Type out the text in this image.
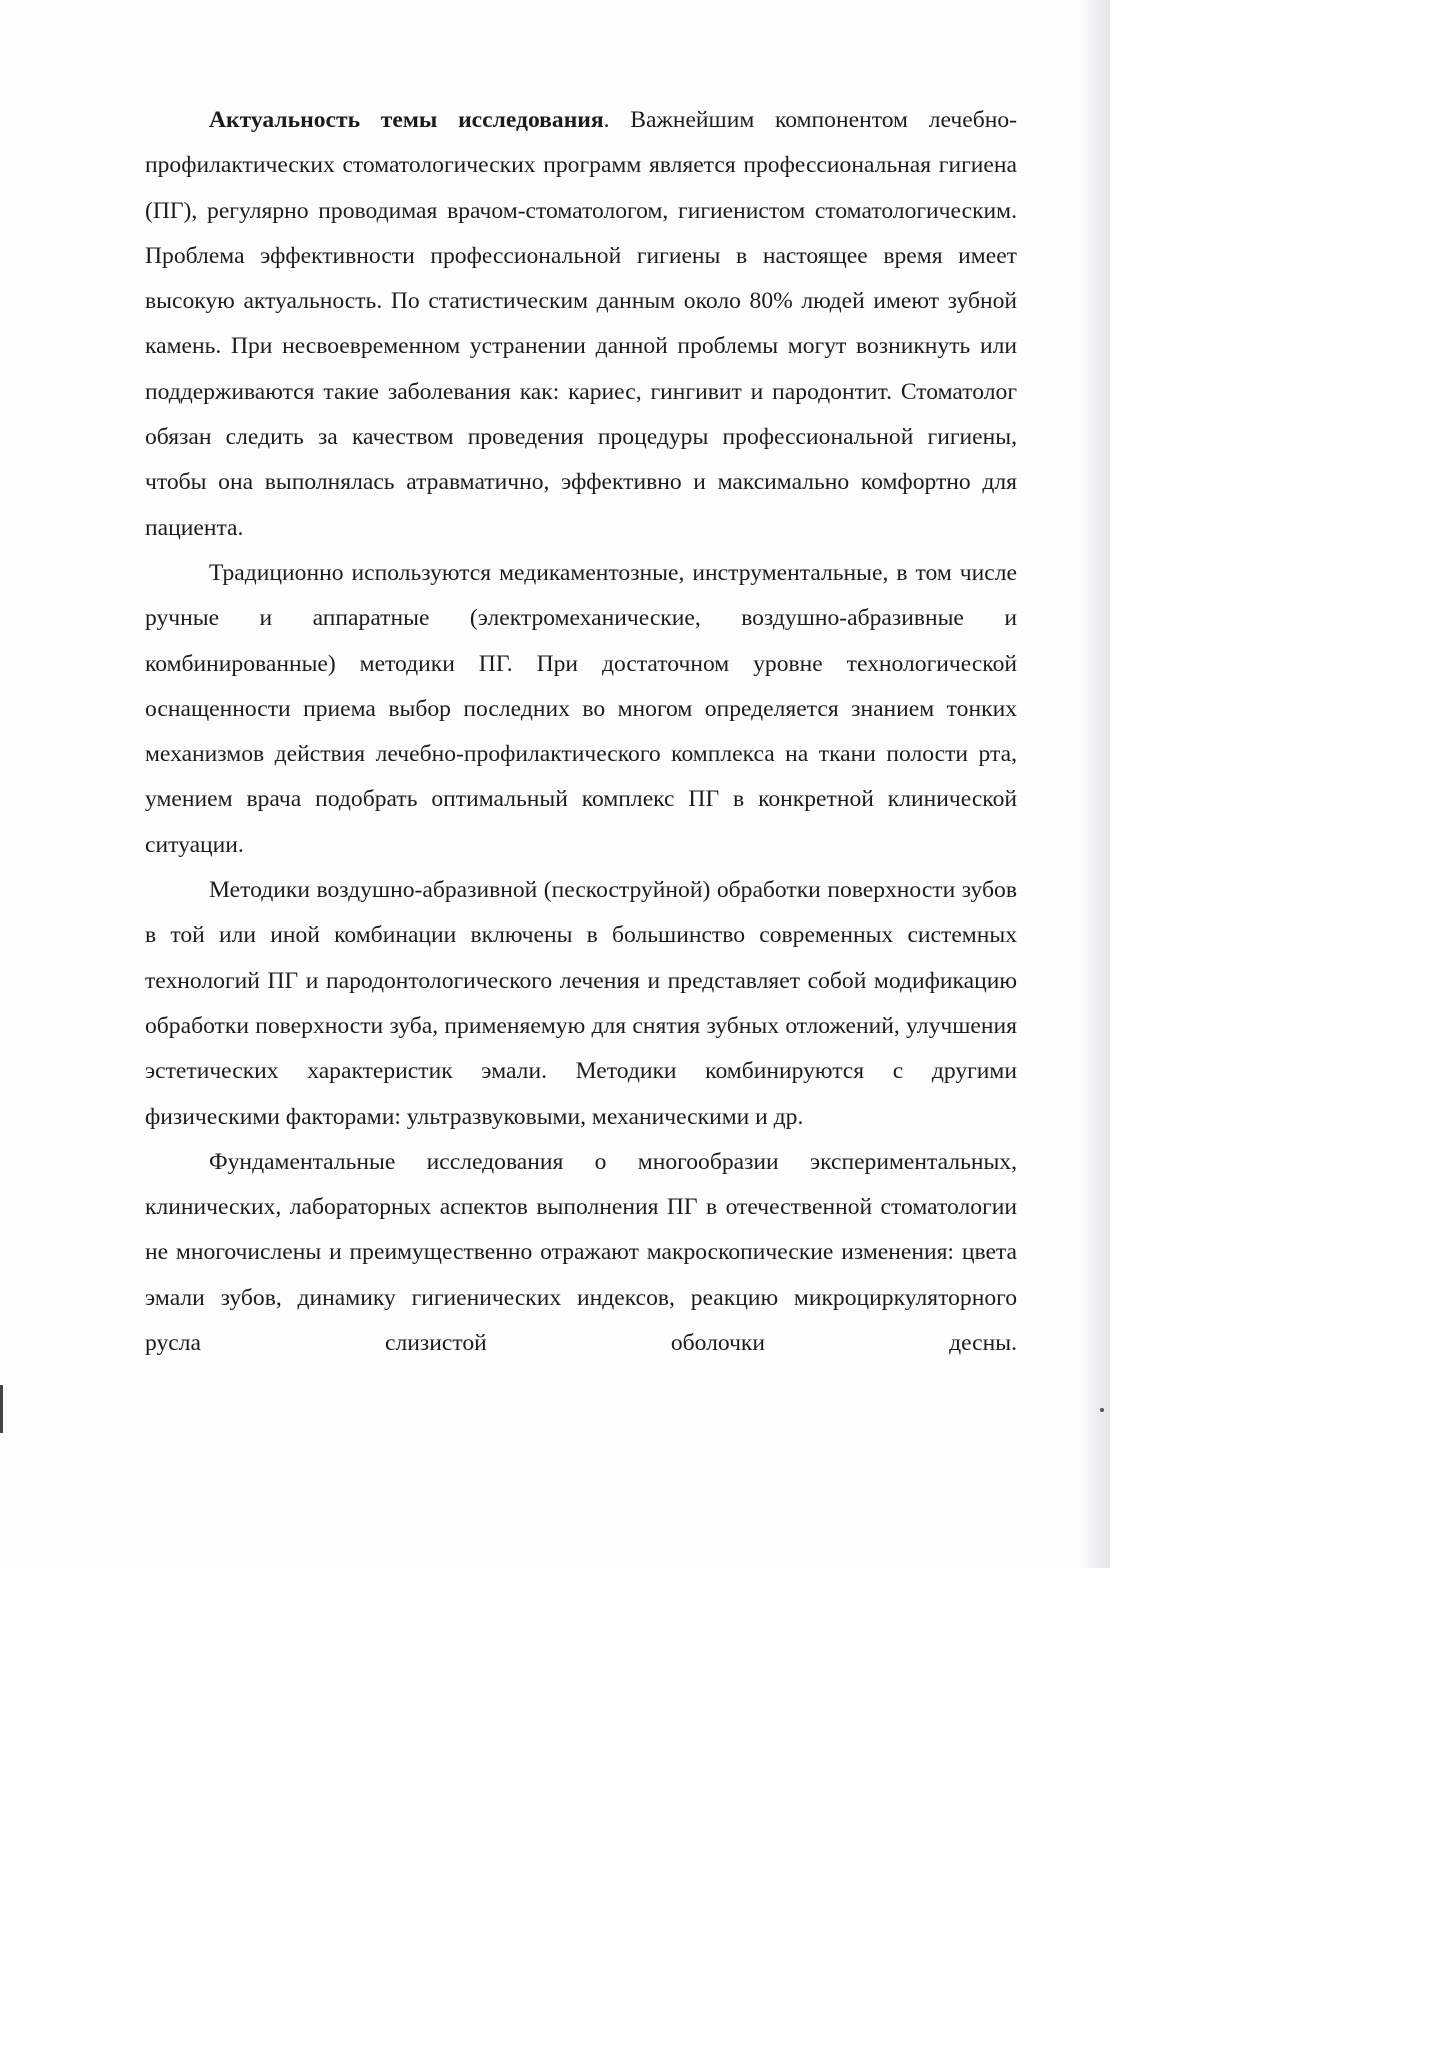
Актуальность темы исследования. Важнейшим компонентом лечебно-профилактических стоматологических программ является профессиональная гигиена (ПГ), регулярно проводимая врачом-стоматологом, гигиенистом стоматологическим. Проблема эффективности профессиональной гигиены в настоящее время имеет высокую актуальность. По статистическим данным около 80% людей имеют зубной камень. При несвоевременном устранении данной проблемы могут возникнуть или поддерживаются такие заболевания как: кариес, гингивит и пародонтит. Стоматолог обязан следить за качеством проведения процедуры профессиональной гигиены, чтобы она выполнялась атравматично, эффективно и максимально комфортно для пациента.

Традиционно используются медикаментозные, инструментальные, в том числе ручные и аппаратные (электромеханические, воздушно-абразивные и комбинированные) методики ПГ. При достаточном уровне технологической оснащенности приема выбор последних во многом определяется знанием тонких механизмов действия лечебно-профилактического комплекса на ткани полости рта, умением врача подобрать оптимальный комплекс ПГ в конкретной клинической ситуации.

Методики воздушно-абразивной (пескоструйной) обработки поверхности зубов в той или иной комбинации включены в большинство современных системных технологий ПГ и пародонтологического лечения и представляет собой модификацию обработки поверхности зуба, применяемую для снятия зубных отложений, улучшения эстетических характеристик эмали. Методики комбинируются с другими физическими факторами: ультразвуковыми, механическими и др.

Фундаментальные исследования о многообразии экспериментальных, клинических, лабораторных аспектов выполнения ПГ в отечественной стоматологии не многочислены и преимущественно отражают макроскопические изменения: цвета эмали зубов, динамику гигиенических индексов, реакцию микроциркуляторного русла слизистой оболочки десны.
